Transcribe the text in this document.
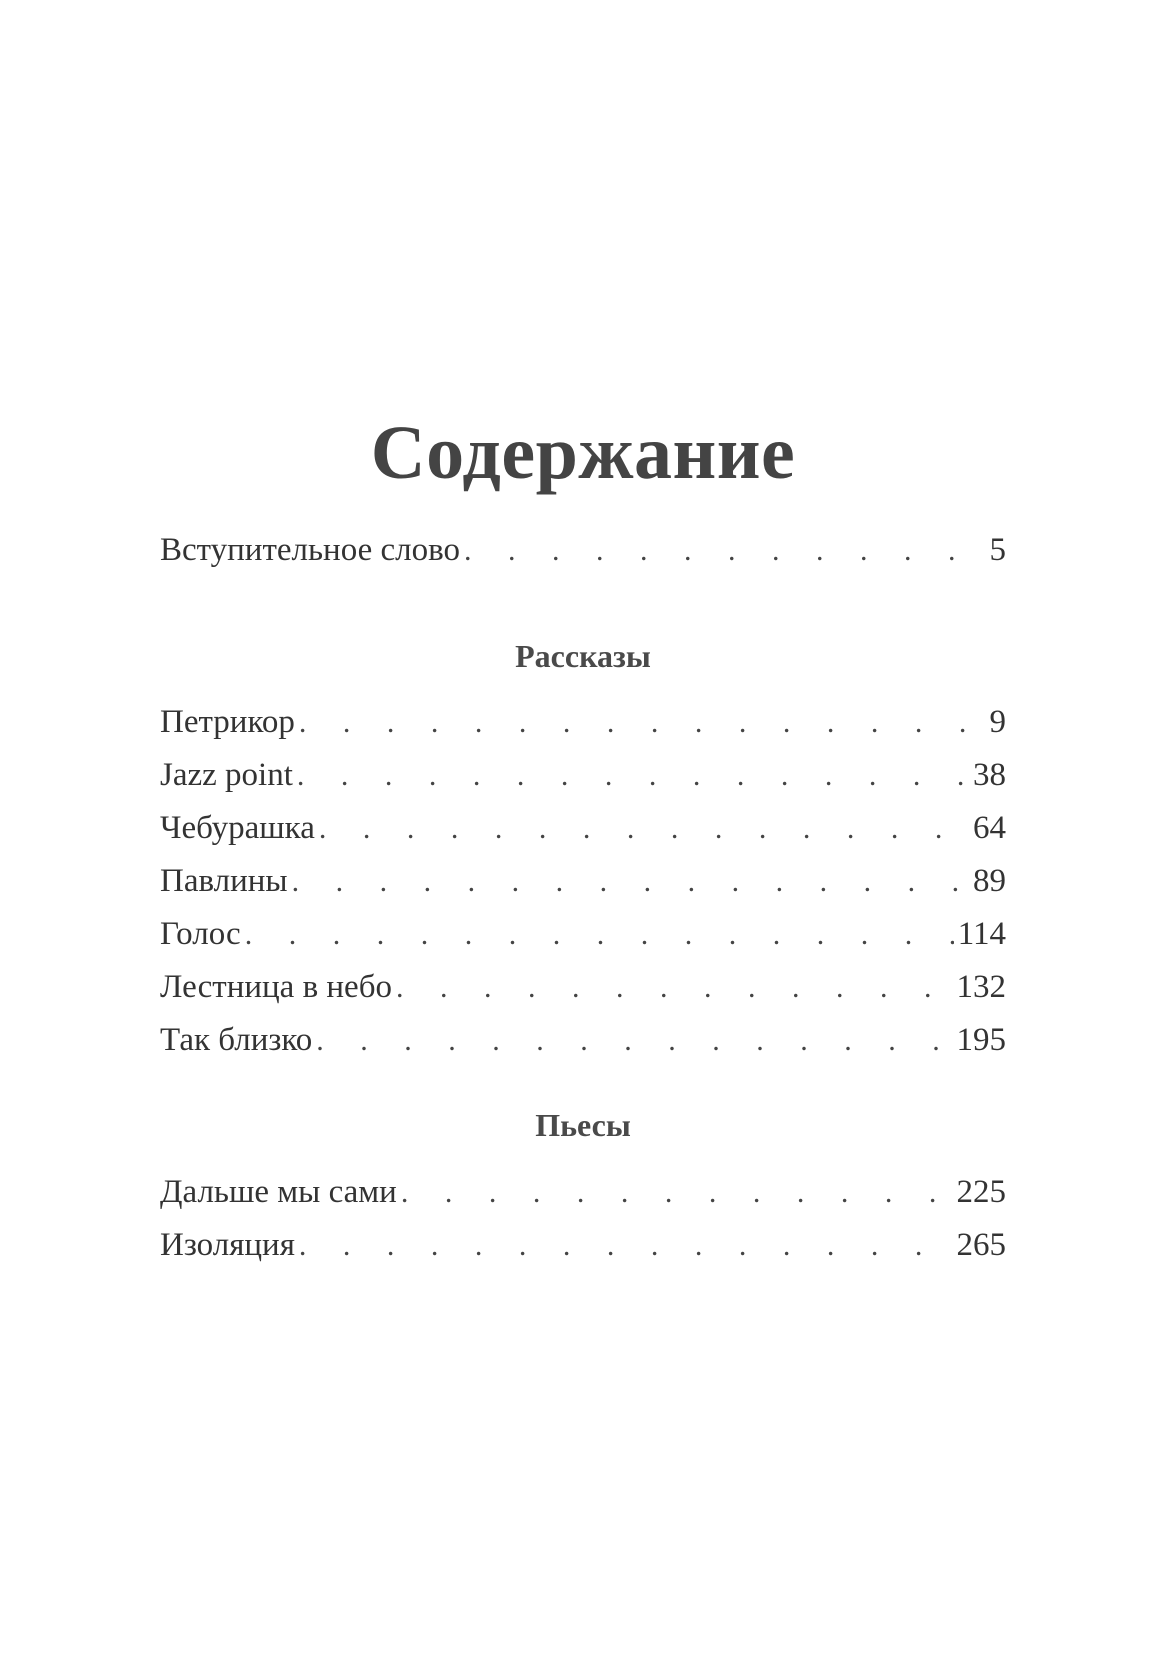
Содержание
Вступительное слово . . .	5
Рассказы
Петрикор . . .	9
Jazz point . . .	38
Чебурашка . . .	64
Павлины . . .	89
Голос . . .	114
Лестница в небо . . .	132
Так близко . . .	195
Пьесы
Дальше мы сами . . .	225
Изоляция . . .	265
